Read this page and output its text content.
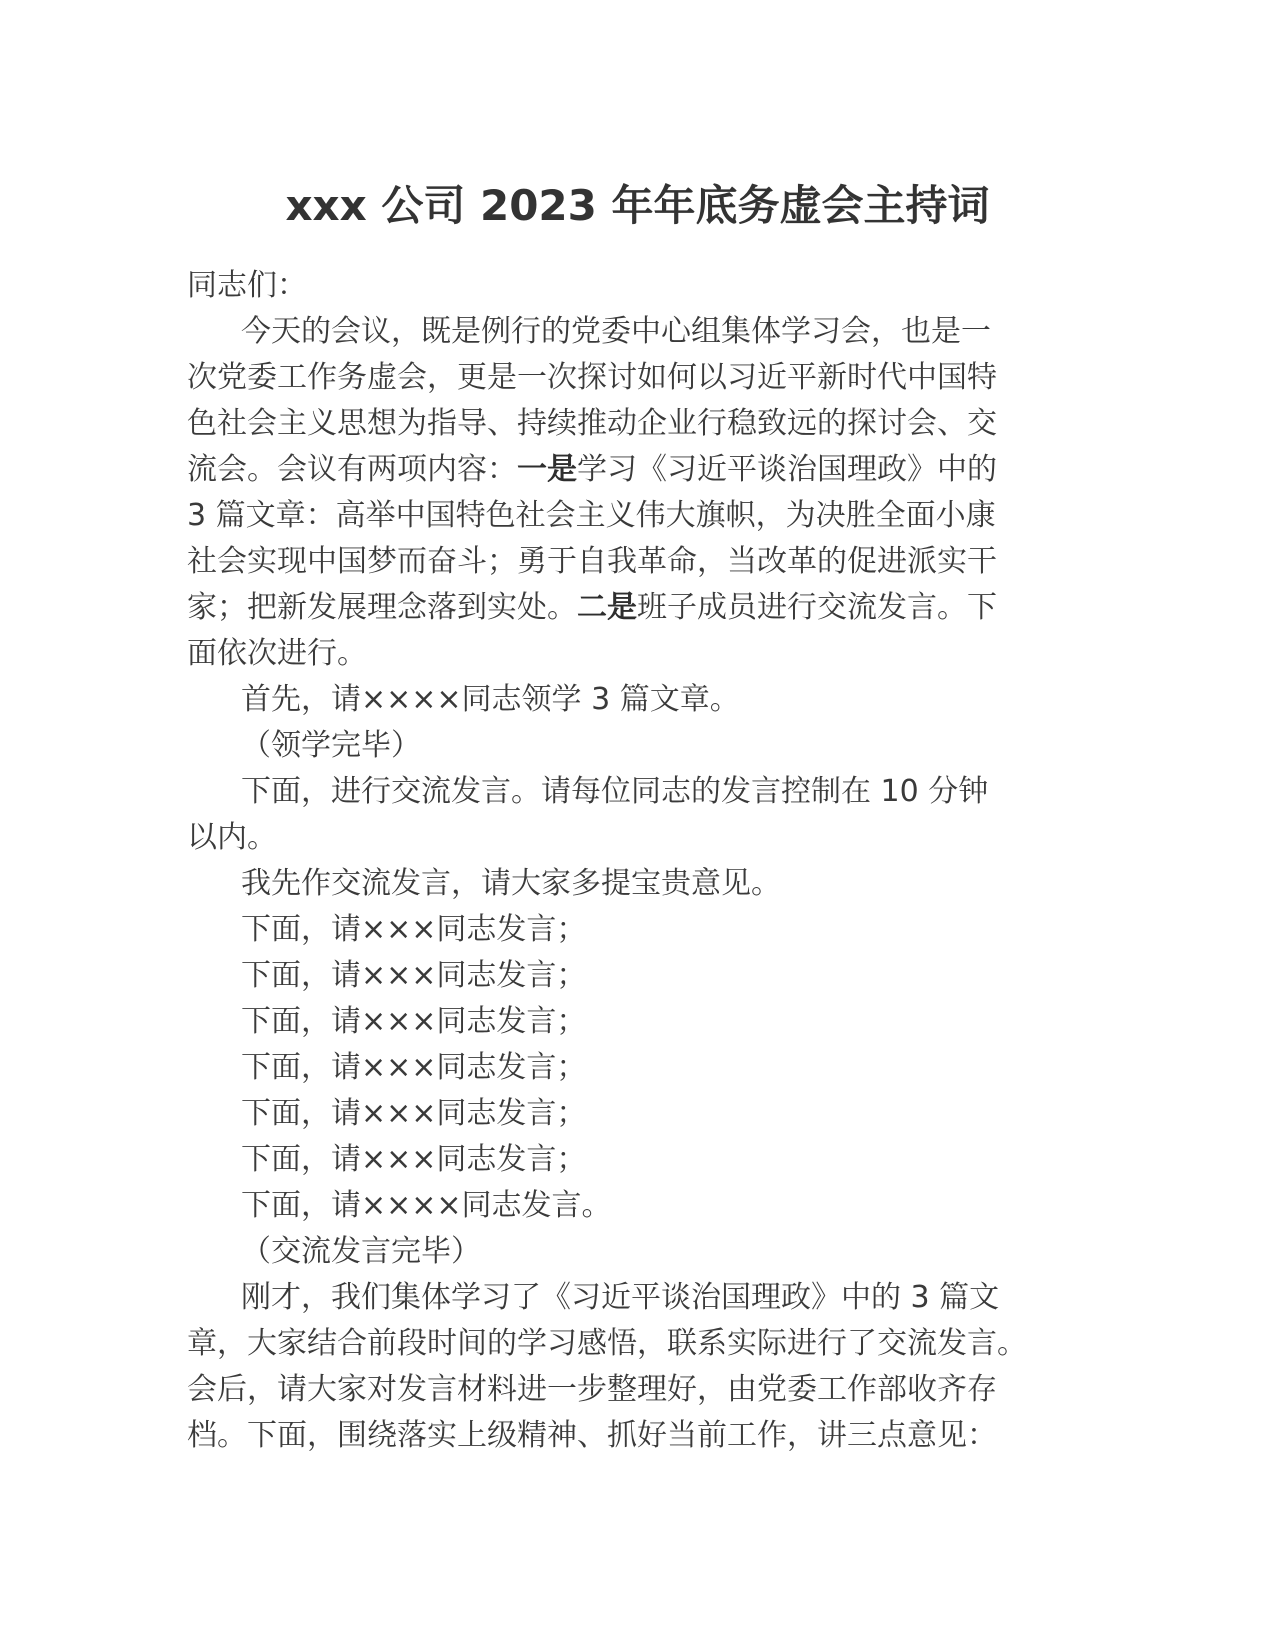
xxx 公司 2023 年年底务虚会主持词

同志们：

今天的会议，既是例行的党委中心组集体学习会，也是一
次党委工作务虚会，更是一次探讨如何以习近平新时代中国特
色社会主义思想为指导、持续推动企业行稳致远的探讨会、交
流会。会议有两项内容：一是学习《习近平谈治国理政》中的
3 篇文章：高举中国特色社会主义伟大旗帜，为决胜全面小康
社会实现中国梦而奋斗；勇于自我革命，当改革的促进派实干
家；把新发展理念落到实处。二是班子成员进行交流发言。下
面依次进行。

首先，请××××同志领学 3 篇文章。

（领学完毕）

下面，进行交流发言。请每位同志的发言控制在 10 分钟
以内。

我先作交流发言，请大家多提宝贵意见。

下面，请×××同志发言；

下面，请×××同志发言；

下面，请×××同志发言；

下面，请×××同志发言；

下面，请×××同志发言；

下面，请×××同志发言；

下面，请××××同志发言。

（交流发言完毕）

刚才，我们集体学习了《习近平谈治国理政》中的 3 篇文
章，大家结合前段时间的学习感悟，联系实际进行了交流发言。
会后，请大家对发言材料进一步整理好，由党委工作部收齐存
档。下面，围绕落实上级精神、抓好当前工作，讲三点意见：
